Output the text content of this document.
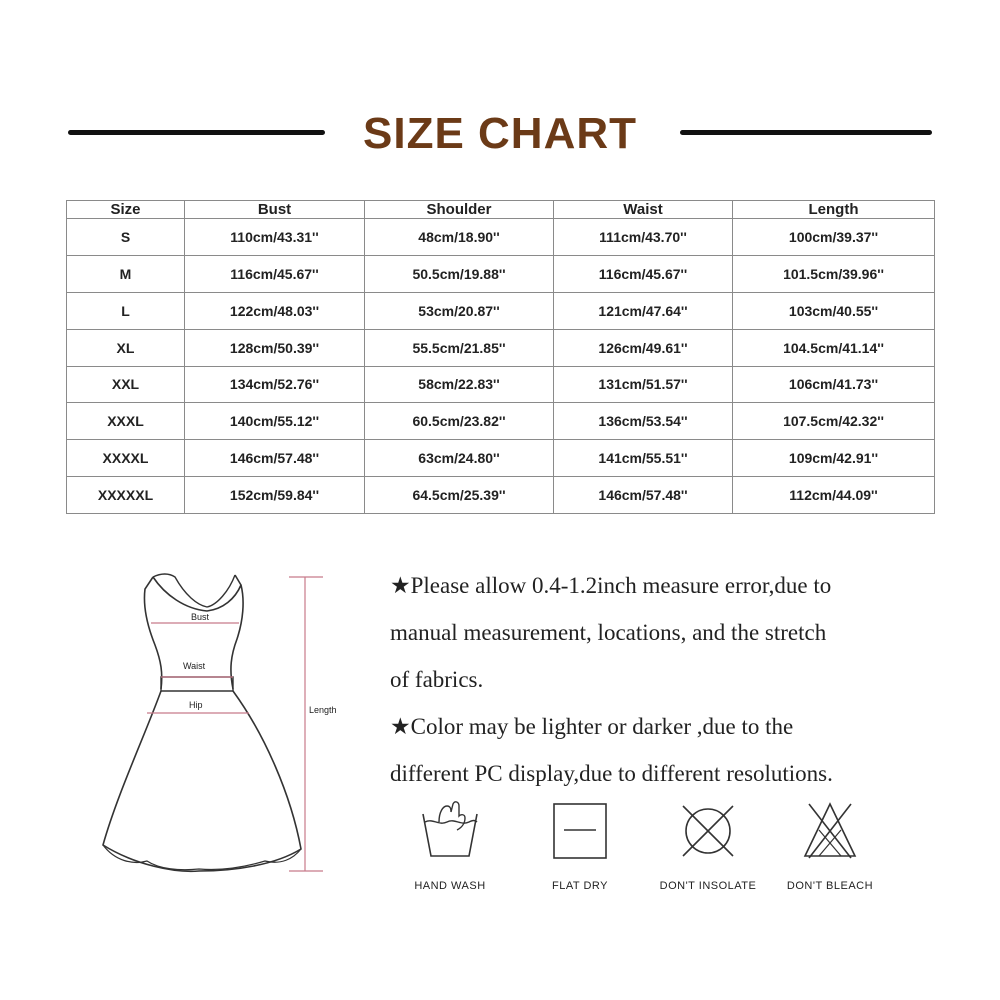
SIZE CHART
Size	Bust	Shoulder	Waist	Length
S	110cm/43.31''	48cm/18.90''	111cm/43.70''	100cm/39.37''
M	116cm/45.67''	50.5cm/19.88''	116cm/45.67''	101.5cm/39.96''
L	122cm/48.03''	53cm/20.87''	121cm/47.64''	103cm/40.55''
XL	128cm/50.39''	55.5cm/21.85''	126cm/49.61''	104.5cm/41.14''
XXL	134cm/52.76''	58cm/22.83''	131cm/51.57''	106cm/41.73''
XXXL	140cm/55.12''	60.5cm/23.82''	136cm/53.54''	107.5cm/42.32''
XXXXL	146cm/57.48''	63cm/24.80''	141cm/55.51''	109cm/42.91''
XXXXXL	152cm/59.84''	64.5cm/25.39''	146cm/57.48''	112cm/44.09''
Bust
Waist
Hip	Length

★Please allow 0.4-1.2inch measure error,due to

manual measurement, locations, and the stretch

of fabrics.

★Color may be lighter or darker ,due to the

different PC display,due to different resolutions.

HAND WASH	FLAT DRY	DON'T INSOLATE	DON'T BLEACH
